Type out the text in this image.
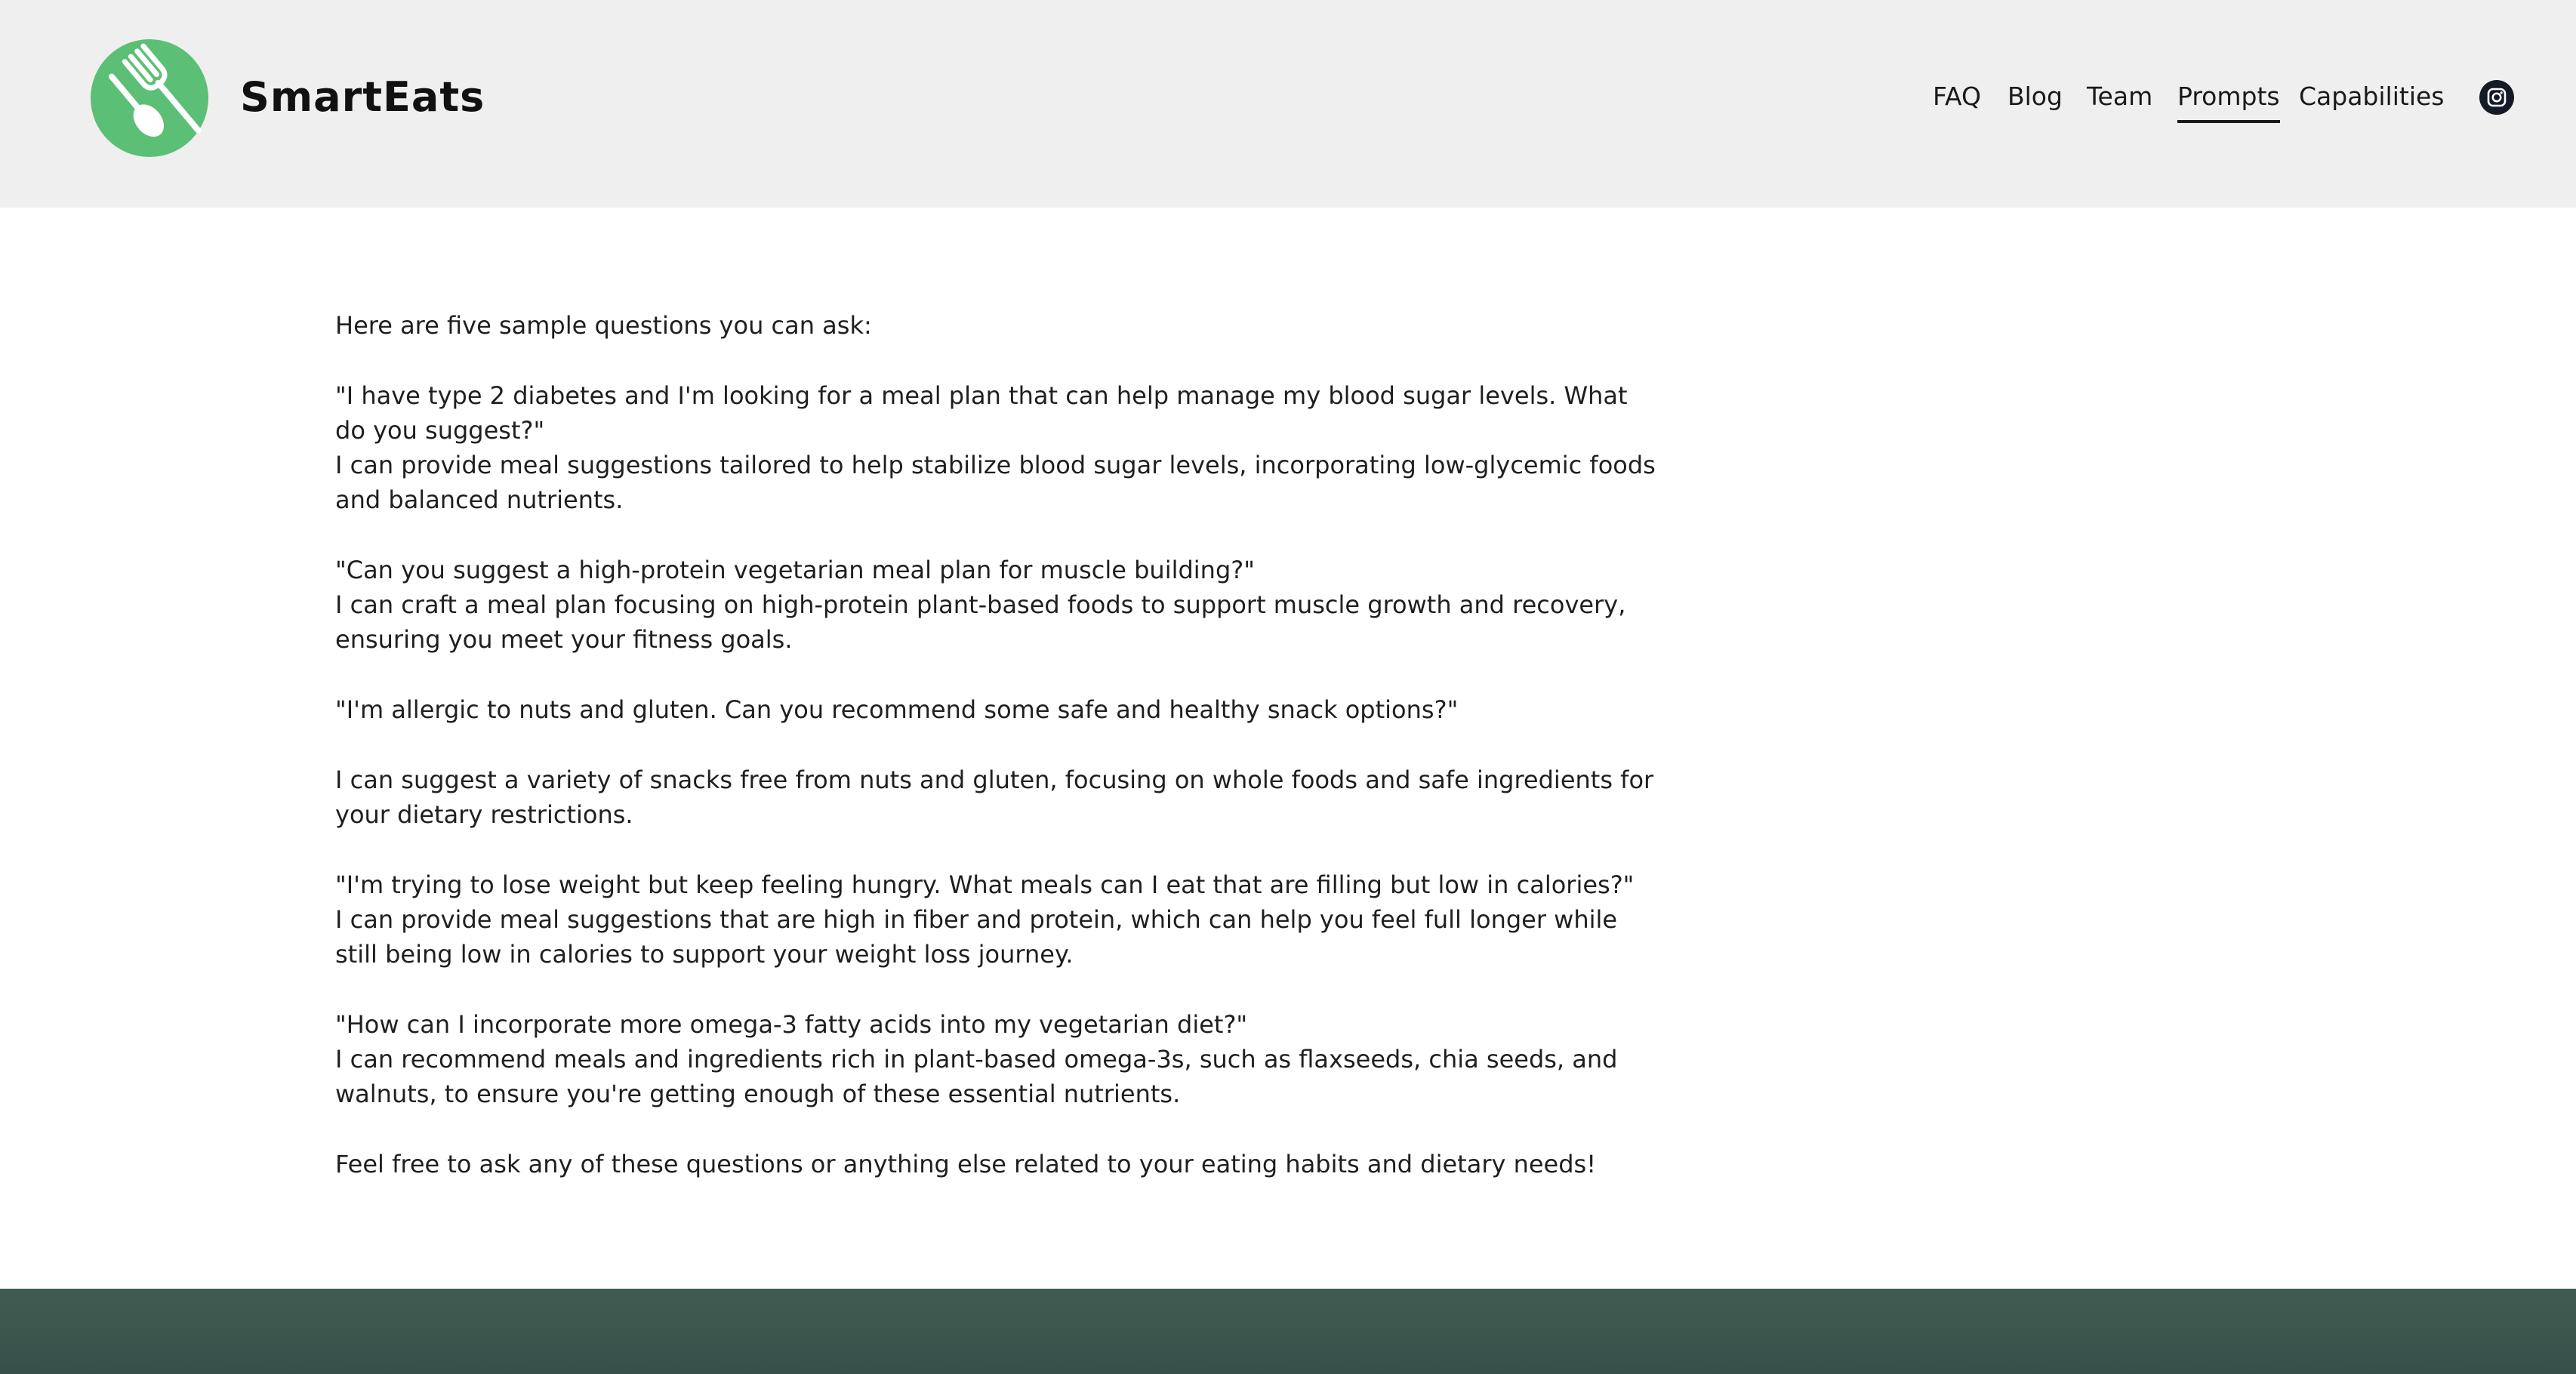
SmartEats	FAQ Blog Team Prompts Capabilities

Here are five sample questions you can ask:

"I have type 2 diabetes and I'm looking for a meal plan that can help manage my blood sugar levels. What do you suggest?"

I can provide meal suggestions tailored to help stabilize blood sugar levels, incorporating low-glycemic foods and balanced nutrients.

"Can you suggest a high-protein vegetarian meal plan for muscle building?"

I can craft a meal plan focusing on high-protein plant-based foods to support muscle growth and recovery, ensuring you meet your fitness goals.

"I'm allergic to nuts and gluten. Can you recommend some safe and healthy snack options?"

I can suggest a variety of snacks free from nuts and gluten, focusing on whole foods and safe ingredients for your dietary restrictions.

"I'm trying to lose weight but keep feeling hungry. What meals can I eat that are filling but low in calories?"

I can provide meal suggestions that are high in fiber and protein, which can help you feel full longer while still being low in calories to support your weight loss journey.

"How can I incorporate more omega-3 fatty acids into my vegetarian diet?"

I can recommend meals and ingredients rich in plant-based omega-3s, such as flaxseeds, chia seeds, and walnuts, to ensure you're getting enough of these essential nutrients.

Feel free to ask any of these questions or anything else related to your eating habits and dietary needs!
